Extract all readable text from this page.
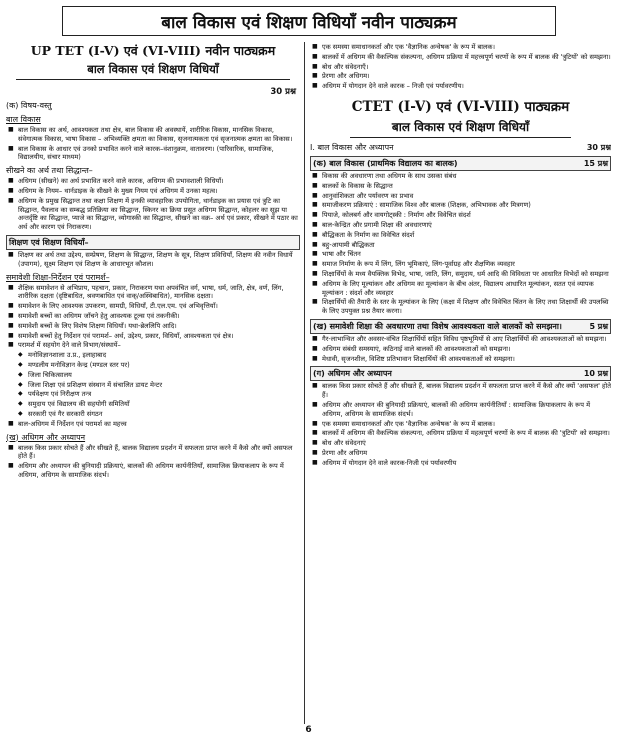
बाल विकास एवं शिक्षण विधियाँ नवीन पाठ्यक्रम
UP TET (I-V) एवं (VI-VIII) नवीन पाठ्यक्रम
बाल विकास एवं शिक्षण विधियाँ
30 प्रश्न
(क) विषय-वस्तु
बाल विकास
■ बाल विकास का अर्थ, आवश्यकता तथा क्षेत्र, बाल विकास की अवस्थायें, शारीरिक विकास, मानसिक विकास, संवेगात्मक विकास, भाषा विकास – अभिव्यक्ति क्षमता का विकास, सृजनात्मकता एवं सृजनात्मक क्षमता का विकास।
■ बाल विकास के आधार एवं उनको प्रभावित करने वाले कारक–वंशानुक्रम, वातावरण। (पारिवारिक, सामाजिक, विद्यालयीय, संचार माध्यम)
सीखने का अर्थ तथा सिद्धान्त–
■ अधिगम (सीखने) का अर्थ प्रभावित करने वाले कारक, अधिगम की प्रभावशाली विधियाँ।
■ अधिगम के नियम– थार्नडाइक के सीखने के मुख्य नियम एवं अधिगम में उनका महत्व।
■ अधिगम के प्रमुख सिद्धान्त तथा कक्षा शिक्षण में इनकी व्यावहारिक उपयोगिता, थार्नडाइक का प्रयास एवं त्रुटि का सिद्धान्त, पैवलाव का सम्बद्ध प्रतिक्रिया का सिद्धान्त, स्किनर का क्रिया प्रसूत अधिगम सिद्धान्त, कोहलर का सूझ या अन्तर्दृष्टि का सिद्धान्त, प्याजे का सिद्धान्त, व्योगास्की का सिद्धान्त, सीखने का वक्र– अर्थ एवं प्रकार, सीखने में पठार का अर्थ और कारण एवं निराकरण।
शिक्षण एवं शिक्षण विधियाँ–
■ शिक्षण का अर्थ तथा उद्देश्य, सम्प्रेषण, शिक्षण के सिद्धान्त, शिक्षण के सूत्र, शिक्षण प्रविधियाँ, शिक्षण की नवीन विधायें (उपागम), सूक्ष्म शिक्षण एवं शिक्षण के आधारभूत कौशल।
समावेशी शिक्षा-निर्देशन एवं परामर्श–
■ शैक्षिक समावेशन से अभिप्राय, पहचान, प्रकार, निराकरण यथा अपवंचित वर्ग, भाषा, धर्म, जाति, क्षेत्र, वर्ण, लिंग, शारीरिक दक्षता (दृष्टिबाधित, श्रवणबाधित एवं वाक्/अस्थिबाधित), मानसिक दक्षता।
■ समावेशन के लिए आवश्यक उपकरण, सामग्री, विधियाँ, टी.एल.एम. एवं अभिवृत्तियाँ।
■ समावेशी बच्चों का अधिगम जाँचने हेतु आवश्यक टूल्स एवं तकनीकी।
■ समावेशी बच्चों के लिए विशेष शिक्षण विधियाँ। यथा-ब्रेललिपि आदि।
■ समावेशी बच्चों हेतु निर्देशन एवं परामर्श– अर्थ, उद्देश्य, प्रकार, विधियाँ, आवश्यकता एवं क्षेत्र।
■ परामर्श में सहयोग देने वाले विभाग/संस्थायें–
◆ मनोविज्ञानशाला उ.प्र., इलाहाबाद
◆ मण्डलीय मनोविज्ञान केन्द्र (मण्डल स्तर पर)
◆ जिला चिकित्सालय
◆ जिला शिक्षा एवं प्रशिक्षण संस्थान में संचालित डायट मेन्टर
◆ पर्यवेक्षण एवं निरीक्षण तन्त्र
◆ समुदाय एवं विद्यालय की सहयोगी समितियाँ
◆ सरकारी एवं गैर सरकारी संगठन
■ बाल-अधिगम में निर्देशन एवं परामर्श का महत्त्व
(ख) अधिगम और अध्यापन
■ बालक किस प्रकार सोचते हैं और सीखते हैं, बालक विद्यालय प्रदर्शन में सफलता प्राप्त करने में कैसे और क्यों असफल होते हैं।
■ अधिगम और अध्यापन की बुनियादी प्रक्रियाएं, बालकों की अधिगम कार्यनीतियाँ, सामाजिक क्रियाकलाप के रूप में अधिगम, अधिगम के सामाजिक संदर्भ।
■ एक समस्या समाधानकर्ता और एक 'वैज्ञानिक अन्वेषक' के रूप में बालक।
■ बालकों में अधिगम की वैकल्पिक संकल्पना, अधिगम प्रक्रिया में महत्त्वपूर्ण चरणों के रूप में बालक की 'त्रुटियों' को समझना।
■ बोध और संवेदनाएँ।
■ प्रेरणा और अधिगम।
■ अधिगम में योगदान देने वाले कारक – निजी एवं पर्यावरणीय।
CTET (I-V) एवं (VI-VIII) पाठ्यक्रम
बाल विकास एवं शिक्षण विधियाँ
I. बाल विकास और अध्यापन	30 प्रश्न
15 प्रश्न
(क) बाल विकास (प्राथमिक विद्यालय का बालक)
■ विकास की अवधारणा तथा अधिगम के साथ उसका संबंध
■ बालकों के विकास के सिद्धान्त
■ आनुवांशिकता और पर्यावरण का प्रभाव
■ समाजीकरण प्रक्रियाएं : सामाजिक विश्व और बालक (शिक्षक, अभिभावक और मित्रगण)
■ पियाजे, कोलबर्ग और वायगोट्स्की : निर्माण और विवेचित संदर्श
■ बाल-केन्द्रित और प्रगामी शिक्षा की अवधारणाएं
■ बौद्धिकता के निर्माण का विवेचित संदर्श
■ बहु-आयामी बौद्धिकता
■ भाषा और चिंतन
■ समाज निर्माण के रूप में लिंग, लिंग भूमिकाएं, लिंग-पूर्वाग्रह और शैक्षणिक व्यवहार
■ शिक्षार्थियों के मध्य वैयक्तिक विभेद, भाषा, जाति, लिंग, समुदाय, धर्म आदि की विविधता पर आधारित विभेदों को समझना
■ अधिगम के लिए मूल्यांकन और अधिगम का मूल्यांकन के बीच अंतर, विद्यालय आधारित मूल्यांकन, सतत एवं व्यापक मूल्यांकन : संदर्श और व्यवहार
■ शिक्षार्थियों की तैयारी के स्तर के मूल्यांकन के लिए (कक्षा में शिक्षण और विवेचित चिंतन के लिए तथा शिक्षार्थी की उपलब्धि के लिए उपयुक्त प्रश्न तैयार करना।
5 प्रश्न
(ख) समावेशी शिक्षा की अवधारणा तथा विशेष आवश्यकता वाले बालकों को समझना।
■ गैर-लाभान्वित और अवसर-वंचित शिक्षार्थियों सहित विविध पृष्ठभूमियों से आए शिक्षार्थियों की आवश्यकताओं को समझना।
■ अधिगम संबंधी समस्याएं, कठिनाई वाले बालकों की आवश्यकताओं को समझना।
■ मेधावी, सृजनशील, विशिष्ट प्रतिभावान शिक्षार्थियों की आवश्यकताओं को समझना।
10 प्रश्न
(ग) अधिगम और अध्यापन
■ बालक किस प्रकार सोचते हैं और सीखते हैं, बालक विद्यालय प्रदर्शन में सफलता प्राप्त करने में कैसे और क्यों 'असफल' होते हैं।
■ अधिगम और अध्यापन की बुनियादी प्रक्रियाएं, बालकों की अधिगम कार्यनीतियाँ : सामाजिक क्रियाकलाप के रूप में अधिगम, अधिगम के सामाजिक संदर्भ।
■ एक समस्या समाधानकर्ता और एक 'वैज्ञानिक अन्वेषक' के रूप में बालक।
■ बालकों में अधिगम की वैकल्पिक संकल्पना, अधिगम प्रक्रिया में महत्वपूर्ण चरणों के रूप में बालक की 'त्रुटियों' को समझना।
■ बोध और संवेदनाएं
■ प्रेरणा और अधिगम
■ अधिगम में योगदान देने वाले कारक-निजी एवं पर्यावरणीय
6
